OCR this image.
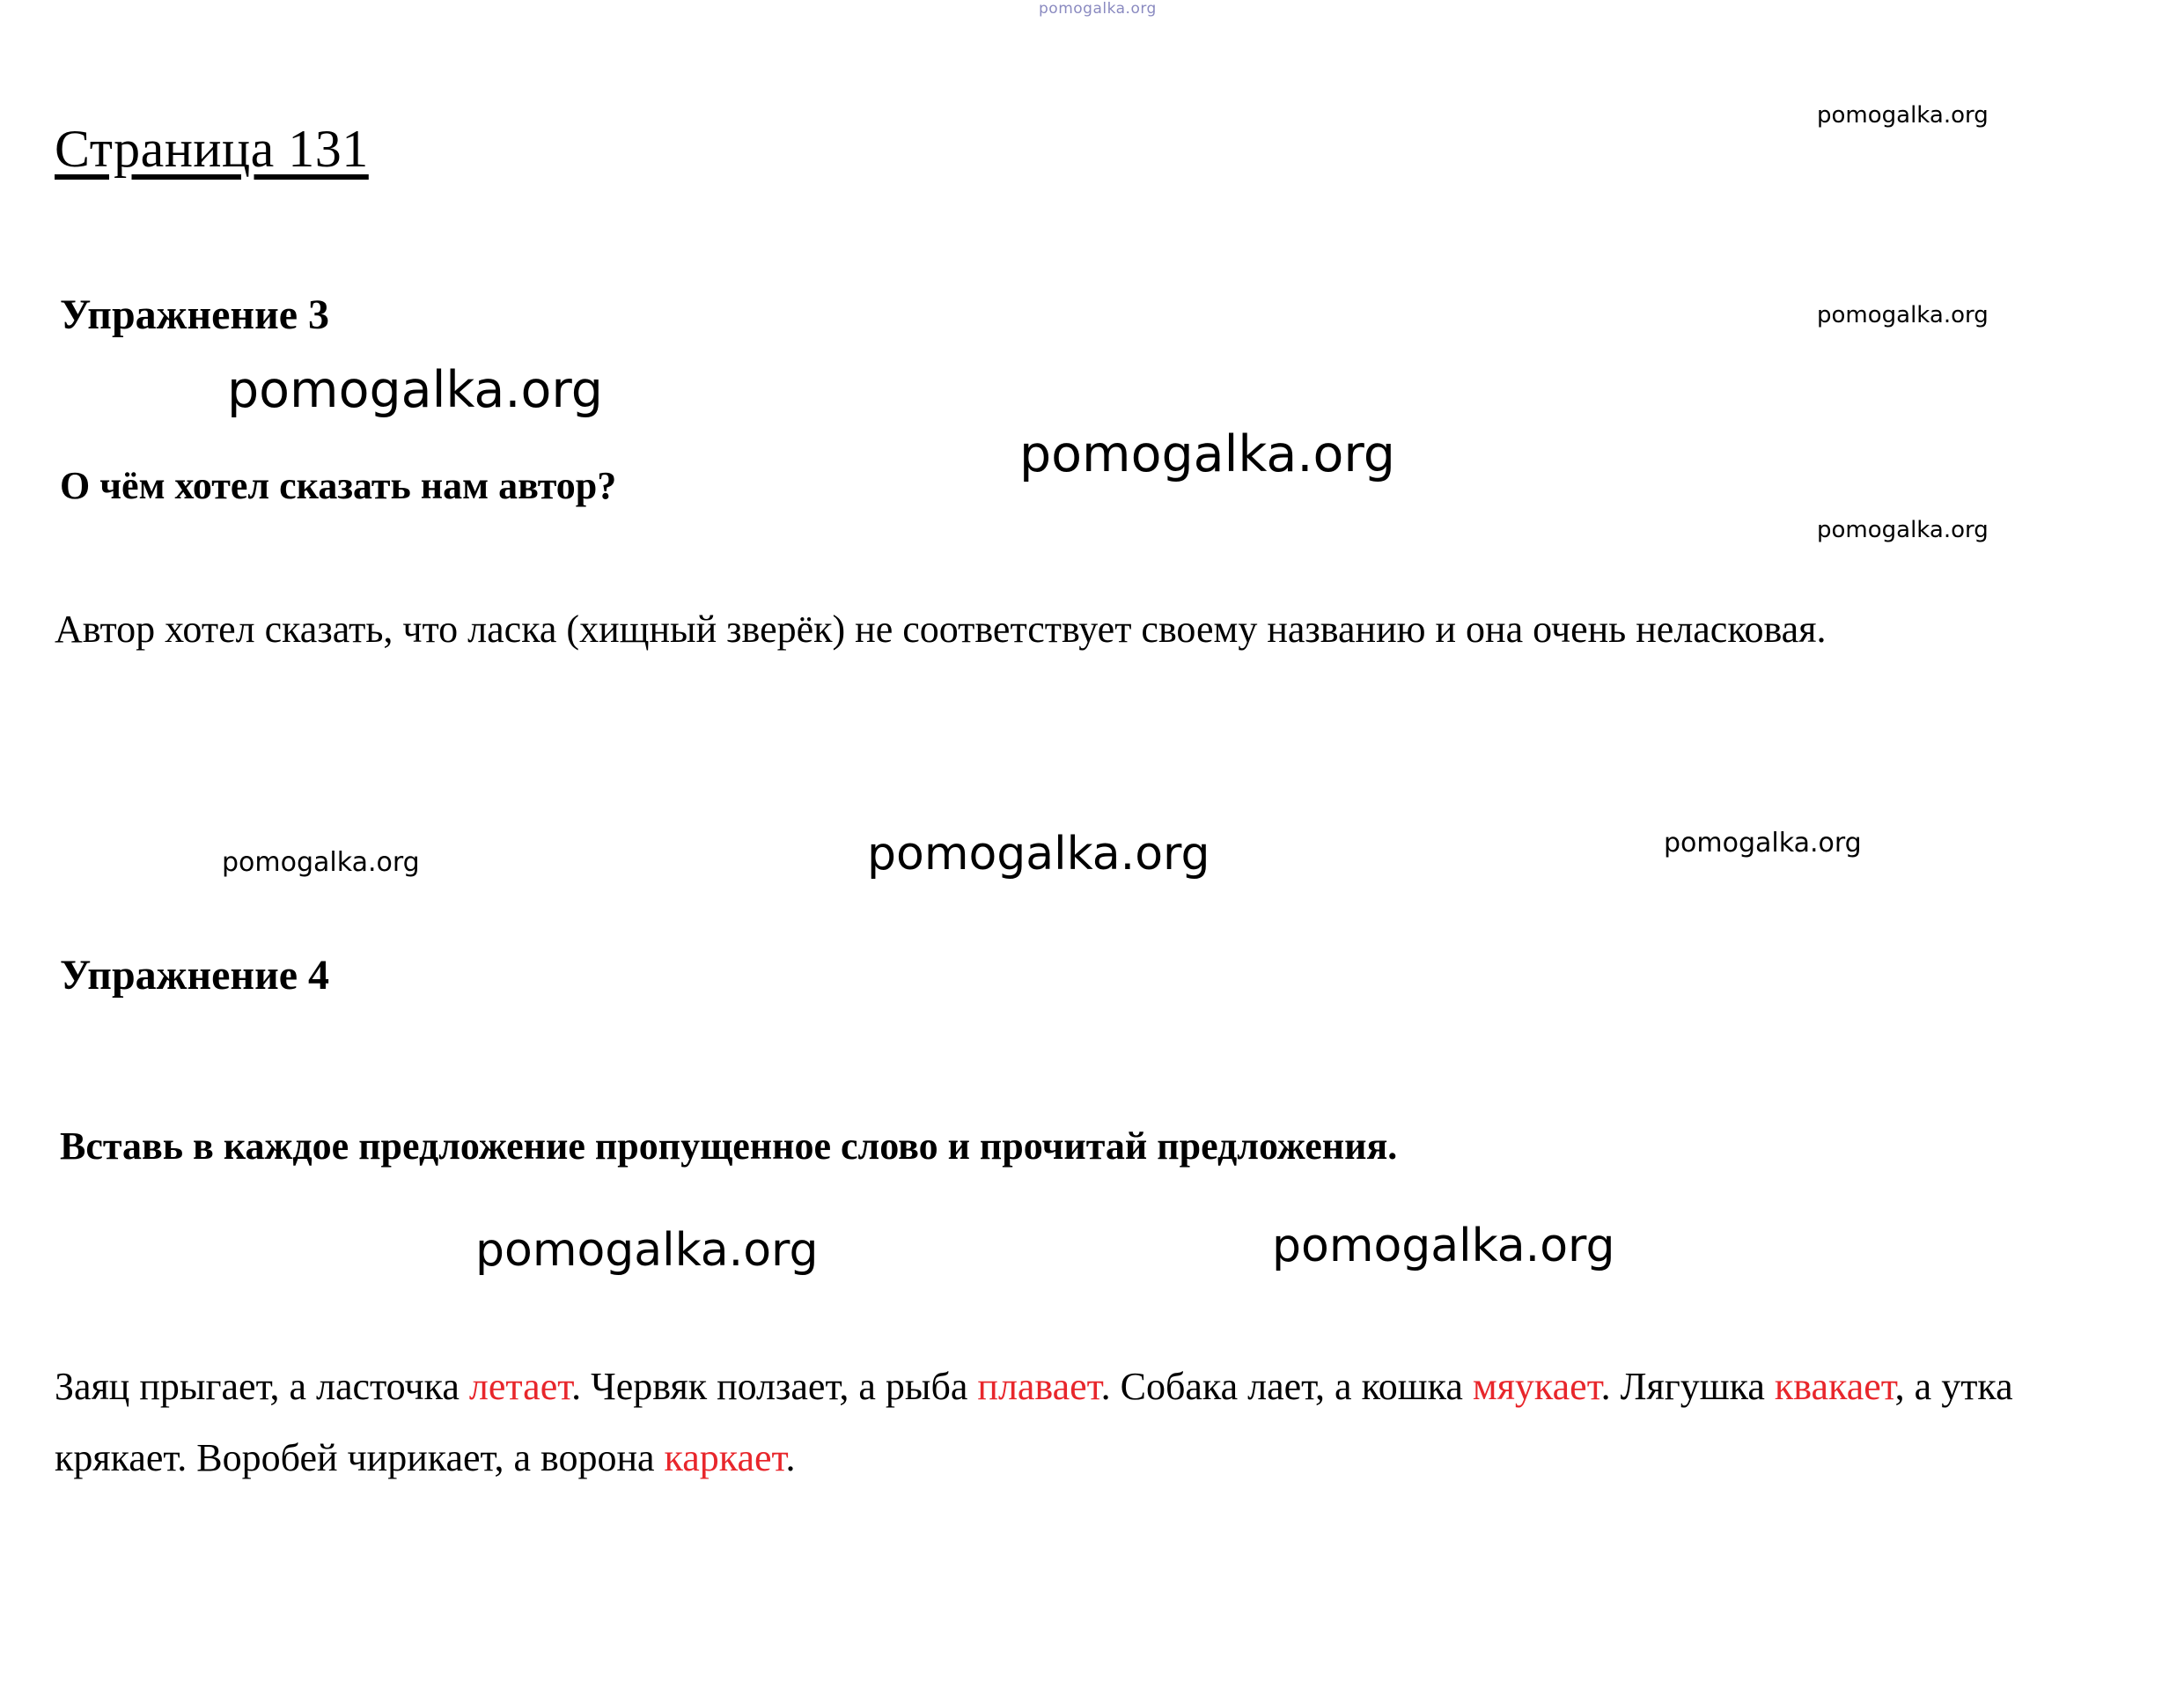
Страница 131
pomogalka.org
pomogalka.org
pomogalka.org
pomogalka.org
pomogalka.org
pomogalka.org
pomogalka.org	pomogalka.org	pomogalka.org
pomogalka.org	pomogalka.org
Упражнение 3

О чём хотел сказать нам автор?

Автор хотел сказать, что ласка (хищный зверёк) не соответствует своему названию и она очень неласковая.

Упражнение 4

Вставь в каждое предложение пропущенное слово и прочитай предложения.

Заяц прыгает, а ласточка летает. Червяк ползает, а рыба плавает. Собака лает, а кошка мяукает. Лягушка квакает, а утка крякает. Воробей чирикает, а ворона каркает.
